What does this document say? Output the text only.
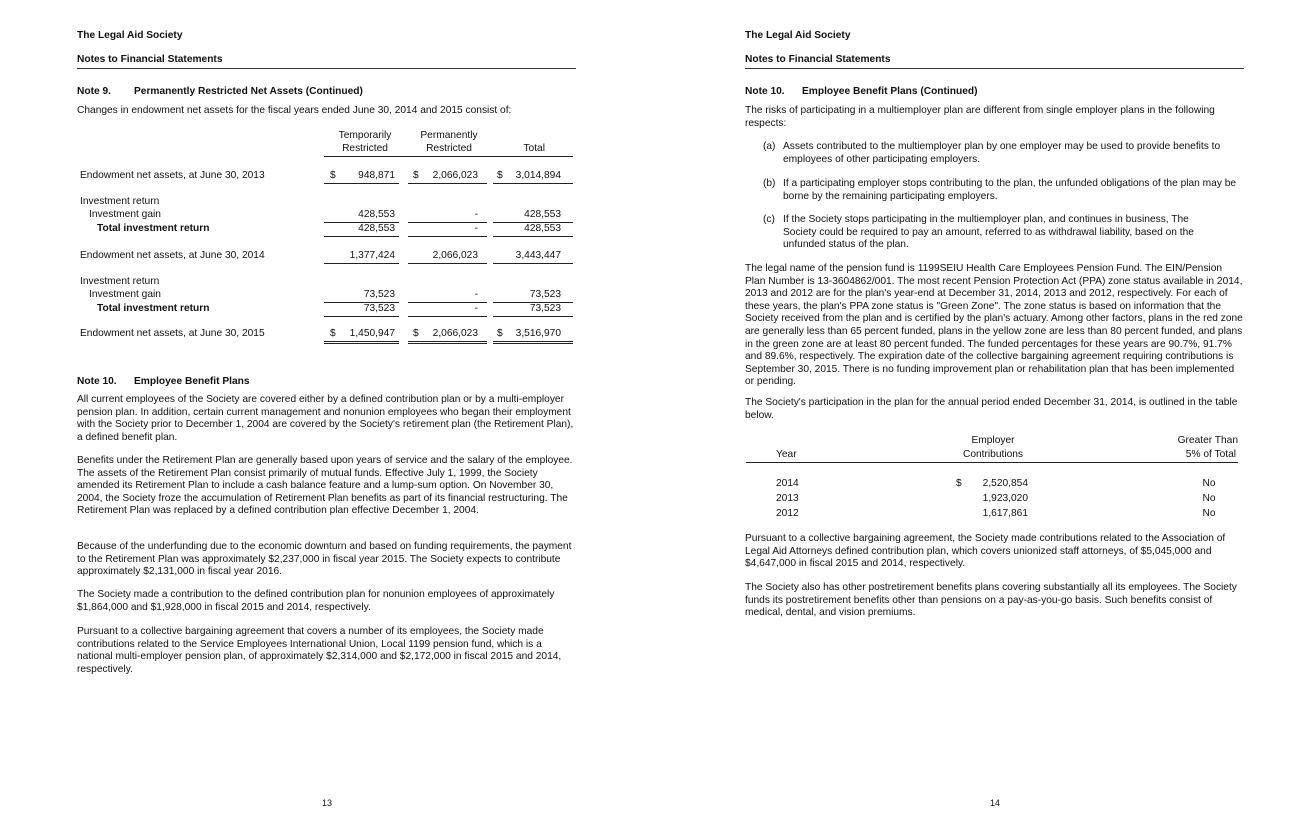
The Legal Aid Society
Notes to Financial Statements
Note 9. Permanently Restricted Net Assets (Continued)
Changes in endowment net assets for the fiscal years ended June 30, 2014 and 2015 consist of:
Temporarily
Restricted
Permanently
Restricted	Total
Endowment net assets, at June 30, 2013	$	948,871 $	2,066,023 $	3,014,894
Investment return
Investment gain	428,553	-	428,553
Total investment return	428,553	-	428,553
Endowment net assets, at June 30, 2014	1,377,424	2,066,023	3,443,447
Investment return
Investment gain	73,523	-	73,523
Total investment return	73,523	-	73,523
Endowment net assets, at June 30, 2015	$	1,450,947 $	2,066,023 $	3,516,970
Note 10. Employee Benefit Plans
All current employees of the Society are covered either by a defined contribution plan or by a multi-employer pension plan. In addition, certain current management and nonunion employees who began their employment with the Society prior to December 1, 2004 are covered by the Society's retirement plan (the Retirement Plan), a defined benefit plan.
Benefits under the Retirement Plan are generally based upon years of service and the salary of the employee. The assets of the Retirement Plan consist primarily of mutual funds. Effective July 1, 1999, the Society amended its Retirement Plan to include a cash balance feature and a lump-sum option. On November 30, 2004, the Society froze the accumulation of Retirement Plan benefits as part of its financial restructuring. The Retirement Plan was replaced by a defined contribution plan effective December 1, 2004.
Because of the underfunding due to the economic downturn and based on funding requirements, the payment to the Retirement Plan was approximately $2,237,000 in fiscal year 2015. The Society expects to contribute approximately $2,131,000 in fiscal year 2016.
The Society made a contribution to the defined contribution plan for nonunion employees of approximately $1,864,000 and $1,928,000 in fiscal 2015 and 2014, respectively.
Pursuant to a collective bargaining agreement that covers a number of its employees, the Society made contributions related to the Service Employees International Union, Local 1199 pension fund, which is a national multi-employer pension plan, of approximately $2,314,000 and $2,172,000 in fiscal 2015 and 2014, respectively.
13
The Legal Aid Society
Notes to Financial Statements
Note 10. Employee Benefit Plans (Continued)
The risks of participating in a multiemployer plan are different from single employer plans in the following respects:
(a) Assets contributed to the multiemployer plan by one employer may be used to provide benefits to employees of other participating employers.
(b) If a participating employer stops contributing to the plan, the unfunded obligations of the plan may be borne by the remaining participating employers.
(c) If the Society stops participating in the multiemployer plan, and continues in business, The Society could be required to pay an amount, referred to as withdrawal liability, based on the unfunded status of the plan.
The legal name of the pension fund is 1199SEIU Health Care Employees Pension Fund. The EIN/Pension Plan Number is 13-3604862/001. The most recent Pension Protection Act (PPA) zone status available in 2014, 2013 and 2012 are for the plan's year-end at December 31, 2014, 2013 and 2012, respectively. For each of these years, the plan's PPA zone status is "Green Zone". The zone status is based on information that the Society received from the plan and is certified by the plan's actuary. Among other factors, plans in the red zone are generally less than 65 percent funded, plans in the yellow zone are less than 80 percent funded, and plans in the green zone are at least 80 percent funded. The funded percentages for these years are 90.7%, 91.7% and 89.6%, respectively. The expiration date of the collective bargaining agreement requiring contributions is September 30, 2015. There is no funding improvement plan or rehabilitation plan that has been implemented or pending.
The Society's participation in the plan for the annual period ended December 31, 2014, is outlined in the table below.
Employer
Year	Contributions
Greater Than
5% of Total
2014	$	2,520,854	No
2013	1,923,020	No
2012	1,617,861	No
Pursuant to a collective bargaining agreement, the Society made contributions related to the Association of Legal Aid Attorneys defined contribution plan, which covers unionized staff attorneys, of $5,045,000 and $4,647,000 in fiscal 2015 and 2014, respectively.
The Society also has other postretirement benefits plans covering substantially all its employees. The Society funds its postretirement benefits other than pensions on a pay-as-you-go basis. Such benefits consist of medical, dental, and vision premiums.
14
